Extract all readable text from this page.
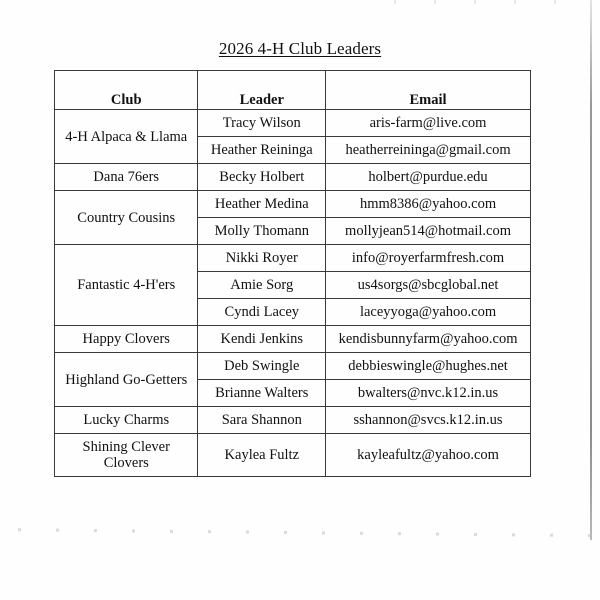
2026 4-H Club Leaders
Club	Leader	Email
4-H Alpaca & Llama	Tracy Wilson	aris-farm@live.com
	Heather Reininga	heatherreininga@gmail.com
Dana 76ers	Becky Holbert	holbert@purdue.edu
Country Cousins	Heather Medina	hmm8386@yahoo.com
	Molly Thomann	mollyjean514@hotmail.com
Fantastic 4-H'ers	Nikki Royer	info@royerfarmfresh.com
	Amie Sorg	us4sorgs@sbcglobal.net
	Cyndi Lacey	laceyyoga@yahoo.com
Happy Clovers	Kendi Jenkins	kendisbunnyfarm@yahoo.com
Highland Go-Getters	Deb Swingle	debbieswingle@hughes.net
	Brianne Walters	bwalters@nvc.k12.in.us
Lucky Charms	Sara Shannon	sshannon@svcs.k12.in.us

Shining Clever
Clovers	Kaylea Fultz	kayleafultz@yahoo.com
